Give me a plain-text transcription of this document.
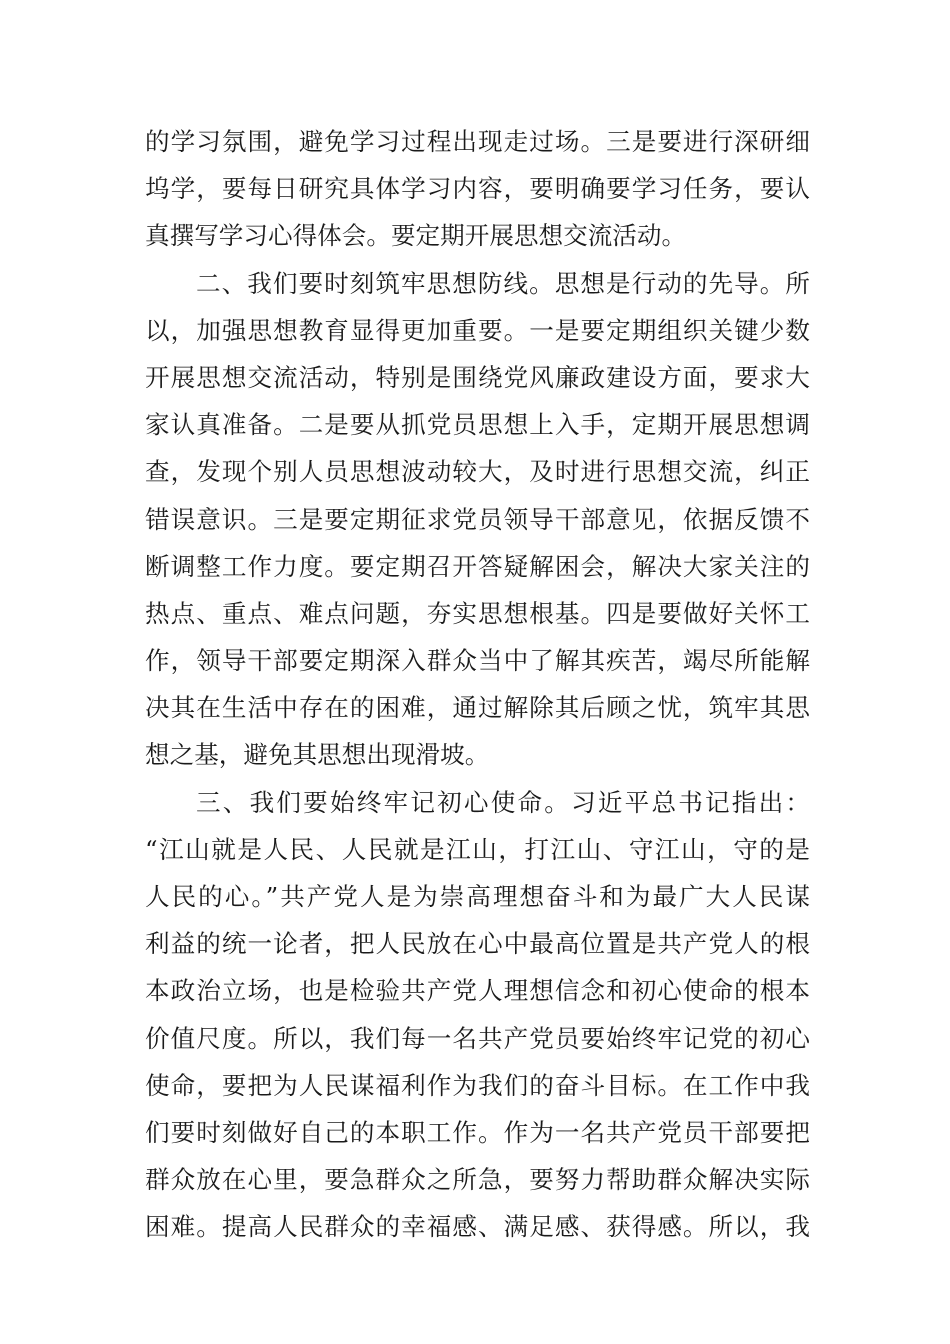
的学习氛围，避免学习过程出现走过场。三是要进行深研细
坞学，要每日研究具体学习内容，要明确要学习任务，要认
真撰写学习心得体会。要定期开展思想交流活动。
二、我们要时刻筑牢思想防线。思想是行动的先导。所
以，加强思想教育显得更加重要。一是要定期组织关键少数
开展思想交流活动，特别是围绕党风廉政建设方面，要求大
家认真准备。二是要从抓党员思想上入手，定期开展思想调
查，发现个别人员思想波动较大，及时进行思想交流，纠正
错误意识。三是要定期征求党员领导干部意见，依据反馈不
断调整工作力度。要定期召开答疑解困会，解决大家关注的
热点、重点、难点问题，夯实思想根基。四是要做好关怀工
作，领导干部要定期深入群众当中了解其疾苦，竭尽所能解
决其在生活中存在的困难，通过解除其后顾之忧，筑牢其思
想之基，避免其思想出现滑坡。
三、我们要始终牢记初心使命。习近平总书记指出：
“江山就是人民、人民就是江山，打江山、守江山，守的是
人民的心。”共产党人是为崇高理想奋斗和为最广大人民谋
利益的统一论者，把人民放在心中最高位置是共产党人的根
本政治立场，也是检验共产党人理想信念和初心使命的根本
价值尺度。所以，我们每一名共产党员要始终牢记党的初心
使命，要把为人民谋福利作为我们的奋斗目标。在工作中我
们要时刻做好自己的本职工作。作为一名共产党员干部要把
群众放在心里，要急群众之所急，要努力帮助群众解决实际
困难。提高人民群众的幸福感、满足感、获得感。所以，我
